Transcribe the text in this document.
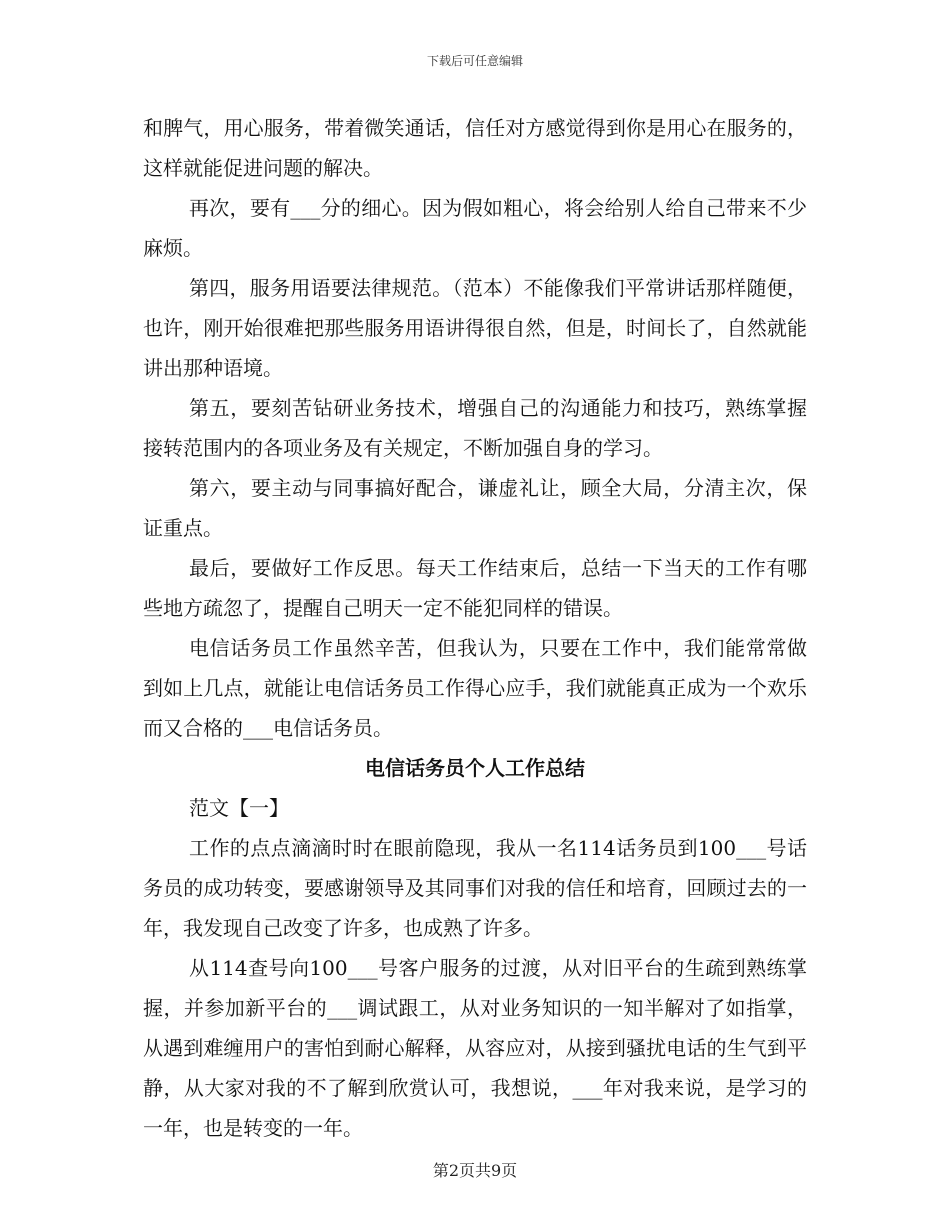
下载后可任意编辑

和脾气，用心服务，带着微笑通话，信任对方感觉得到你是用心在服务的，这样就能促进问题的解决。

再次，要有___分的细心。因为假如粗心，将会给别人给自己带来不少麻烦。

第四，服务用语要法律规范。（范本）不能像我们平常讲话那样随便，也许，刚开始很难把那些服务用语讲得很自然，但是，时间长了，自然就能讲出那种语境。

第五，要刻苦钻研业务技术，增强自己的沟通能力和技巧，熟练掌握接转范围内的各项业务及有关规定，不断加强自身的学习。

第六，要主动与同事搞好配合，谦虚礼让，顾全大局，分清主次，保证重点。

最后，要做好工作反思。每天工作结束后，总结一下当天的工作有哪些地方疏忽了，提醒自己明天一定不能犯同样的错误。

电信话务员工作虽然辛苦，但我认为，只要在工作中，我们能常常做到如上几点，就能让电信话务员工作得心应手，我们就能真正成为一个欢乐而又合格的___电信话务员。

电信话务员个人工作总结

范文【一】

工作的点点滴滴时时在眼前隐现，我从一名114话务员到100___号话务员的成功转变，要感谢领导及其同事们对我的信任和培育，回顾过去的一年，我发现自己改变了许多，也成熟了许多。

从114查号向100___号客户服务的过渡，从对旧平台的生疏到熟练掌握，并参加新平台的___调试跟工，从对业务知识的一知半解对了如指掌，从遇到难缠用户的害怕到耐心解释，从容应对，从接到骚扰电话的生气到平静，从大家对我的不了解到欣赏认可，我想说，___年对我来说，是学习的一年，也是转变的一年。

第2页共9页
